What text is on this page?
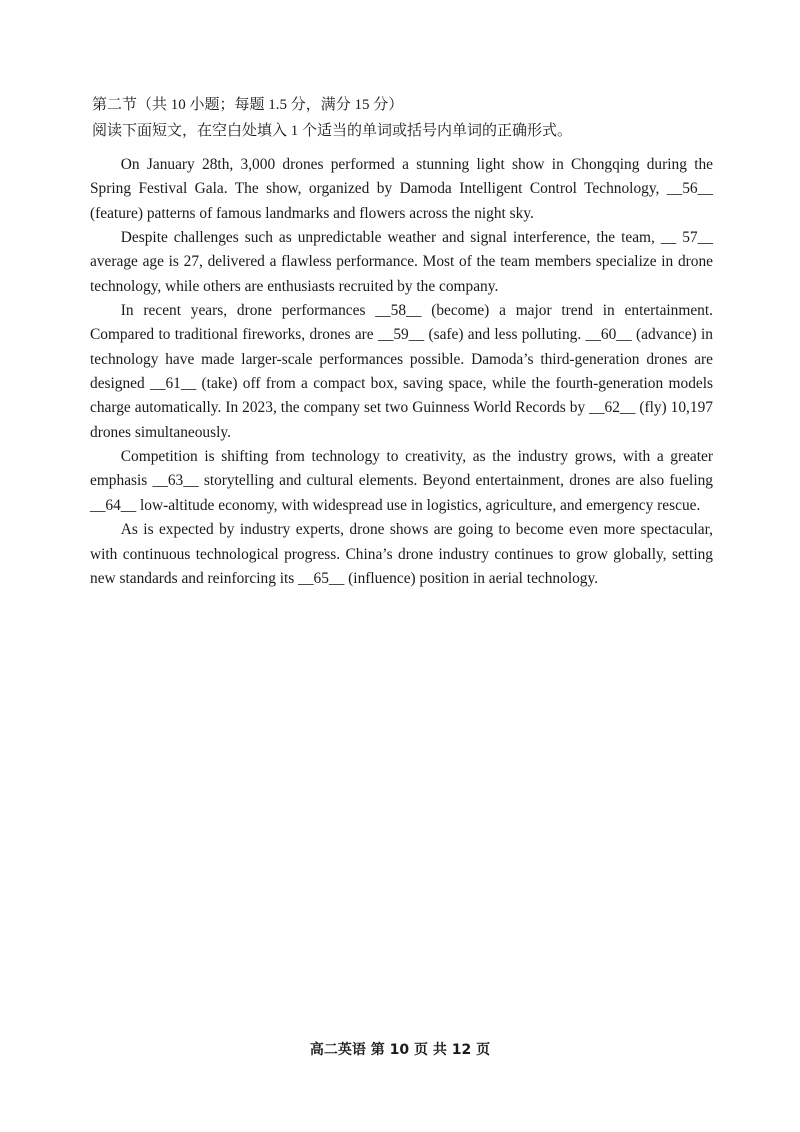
第二节（共 10 小题；每题 1.5 分，满分 15 分）
阅读下面短文，在空白处填入 1 个适当的单词或括号内单词的正确形式。

On January 28th, 3,000 drones performed a stunning light show in Chongqing during the Spring Festival Gala. The show, organized by Damoda Intelligent Control Technology, __56__ (feature) patterns of famous landmarks and flowers across the night sky.

Despite challenges such as unpredictable weather and signal interference, the team, __ 57__ average age is 27, delivered a flawless performance. Most of the team members specialize in drone technology, while others are enthusiasts recruited by the company.

In recent years, drone performances __58__ (become) a major trend in entertainment. Compared to traditional fireworks, drones are __59__ (safe) and less polluting. __60__ (advance) in technology have made larger-scale performances possible. Damoda’s third-generation drones are designed __61__ (take) off from a compact box, saving space, while the fourth-generation models charge automatically. In 2023, the company set two Guinness World Records by __62__ (fly) 10,197 drones simultaneously.

Competition is shifting from technology to creativity, as the industry grows, with a greater emphasis __63__ storytelling and cultural elements. Beyond entertainment, drones are also fueling __64__ low-altitude economy, with widespread use in logistics, agriculture, and emergency rescue.

As is expected by industry experts, drone shows are going to become even more spectacular, with continuous technological progress. China’s drone industry continues to grow globally, setting new standards and reinforcing its __65__ (influence) position in aerial technology.

高二英语 第 10 页 共 12 页
